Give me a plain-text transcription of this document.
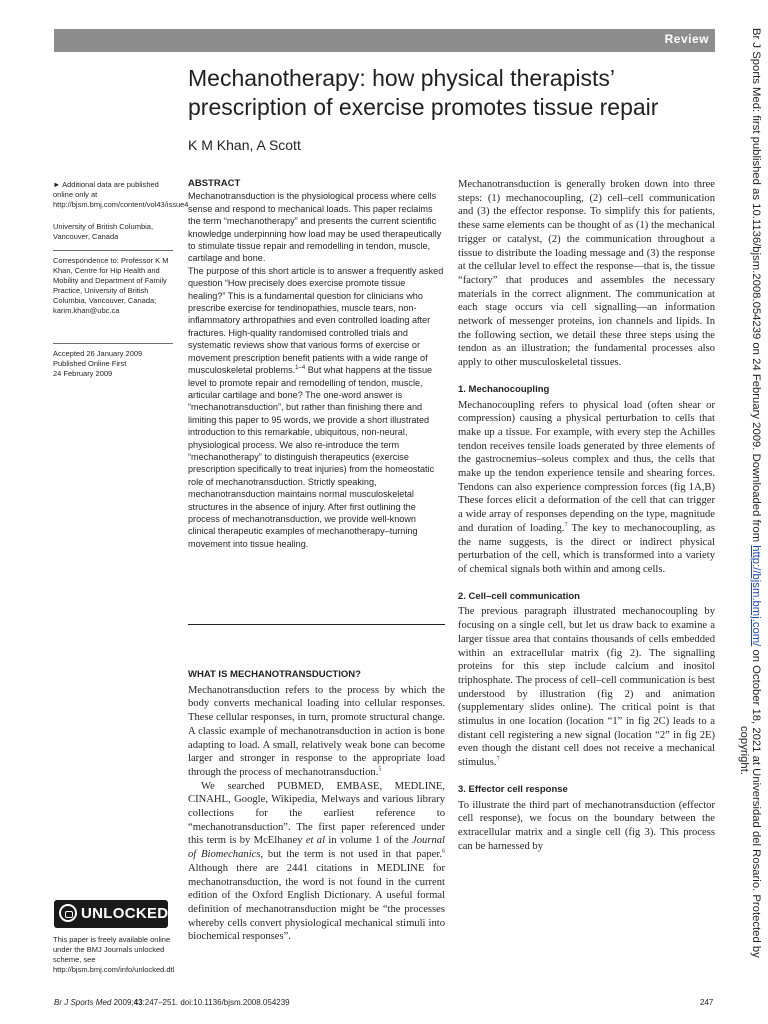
Review
Mechanotherapy: how physical therapists’ prescription of exercise promotes tissue repair
K M Khan, A Scott

► Additional data are published online only at http://bjsm.bmj.com/content/vol43/issue4

University of British Columbia, Vancouver, Canada

Correspondence to: Professor K M Khan, Centre for Hip Health and Mobility and Department of Family Practice, University of British Columbia, Vancouver, Canada; karim.khan@ubc.ca

Accepted 26 January 2009

Published Online First

24 February 2009

ABSTRACT

Mechanotransduction is the physiological process where cells sense and respond to mechanical loads. This paper reclaims the term “mechanotherapy” and presents the current scientific knowledge underpinning how load may be used therapeutically to stimulate tissue repair and remodelling in tendon, muscle, cartilage and bone.

The purpose of this short article is to answer a frequently asked question “How precisely does exercise promote tissue healing?” This is a fundamental question for clinicians who prescribe exercise for tendinopathies, muscle tears, non-inflammatory arthropathies and even controlled loading after fractures. High-quality randomised controlled trials and systematic reviews show that various forms of exercise or movement prescription benefit patients with a wide range of musculoskeletal problems.$^{1-4}$ But what happens at the tissue level to promote repair and remodelling of tendon, muscle, articular cartilage and bone? The one-word answer is “mechanotransduction”, but rather than finishing there and limiting this paper to 95 words, we provide a short illustrated introduction to this remarkable, ubiquitous, non-neural, physiological process. We also re-introduce the term “mechanotherapy” to distinguish therapeutics (exercise prescription specifically to treat injuries) from the homeostatic role of mechanotransduction. Strictly speaking, mechanotransduction maintains normal musculoskeletal structures in the absence of injury. After first outlining the process of mechanotransduction, we provide well-known clinical therapeutic examples of mechanotherapy–turning movement into tissue healing.

WHAT IS MECHANOTRANSDUCTION?

Mechanotransduction refers to the process by which the body converts mechanical loading into cellular responses. These cellular responses, in turn, promote structural change. A classic example of mechanotransduction in action is bone adapting to load. A small, relatively weak bone can become larger and stronger in response to the appropriate load through the process of mechanotransduction.$^5$

We searched PUBMED, EMBASE, MEDLINE, CINAHL, Google, Wikipedia, Melways and various library collections for the earliest reference to “mechanotransduction”. The first paper referenced under this term is by McElhaney et al in volume 1 of the Journal of Biomechanics, but the term is not used in that paper.$^6$ Although there are 2441 citations in MEDLINE for mechanotransduction, the word is not found in the current edition of the Oxford English Dictionary. A useful formal definition of mechanotransduction might be “the processes whereby cells convert physiological mechanical stimuli into biochemical responses”.

UNLOCKED

This paper is freely available online under the BMJ Journals unlocked scheme, see http://bjsm.bmj.com/info/unlocked.dtl

Mechanotransduction is generally broken down into three steps: (1) mechanocoupling, (2) cell–cell communication and (3) the effector response. To simplify this for patients, these same elements can be thought of as (1) the mechanical trigger or catalyst, (2) the communication throughout a tissue to distribute the loading message and (3) the response at the cellular level to effect the response—that is, the tissue “factory” that produces and assembles the necessary materials in the correct alignment. The communication at each stage occurs via cell signalling—an information network of messenger proteins, ion channels and lipids. In the following section, we detail these three steps using the tendon as an illustration; the fundamental processes also apply to other musculoskeletal tissues.

1. Mechanocoupling

Mechanocoupling refers to physical load (often shear or compression) causing a physical perturbation to cells that make up a tissue. For example, with every step the Achilles tendon receives tensile loads generated by three elements of the gastrocnemius–soleus complex and thus, the cells that make up the tendon experience tensile and shearing forces. Tendons can also experience compression forces (fig 1A,B) These forces elicit a deformation of the cell that can trigger a wide array of responses depending on the type, magnitude and duration of loading.$^7$ The key to mechanocoupling, as the name suggests, is the direct or indirect physical perturbation of the cell, which is transformed into a variety of chemical signals both within and among cells.

2. Cell–cell communication

The previous paragraph illustrated mechanocoupling by focusing on a single cell, but let us draw back to examine a larger tissue area that contains thousands of cells embedded within an extracellular matrix (fig 2). The signalling proteins for this step include calcium and inositol triphosphate. The process of cell–cell communication is best understood by illustration (fig 2) and animation (supplementary slides online). The critical point is that stimulus in one location (location “1” in fig 2C) leads to a distant cell registering a new signal (location “2” in fig 2E) even though the distant cell does not receive a mechanical stimulus.$^7$

3. Effector cell response

To illustrate the third part of mechanotransduction (effector cell response), we focus on the boundary between the extracellular matrix and a single cell (fig 3). This process can be harnessed by

Br J Sports Med 2009;43:247–251. doi:10.1136/bjsm.2008.054239	247
Br J Sports Med: first published as 10.1136/bjsm.2008.054239 on 24 February 2009. Downloaded from http://bjsm.bmj.com/ on October 18, 2021 at Universidad del Rosario. Protected by
copyright.
